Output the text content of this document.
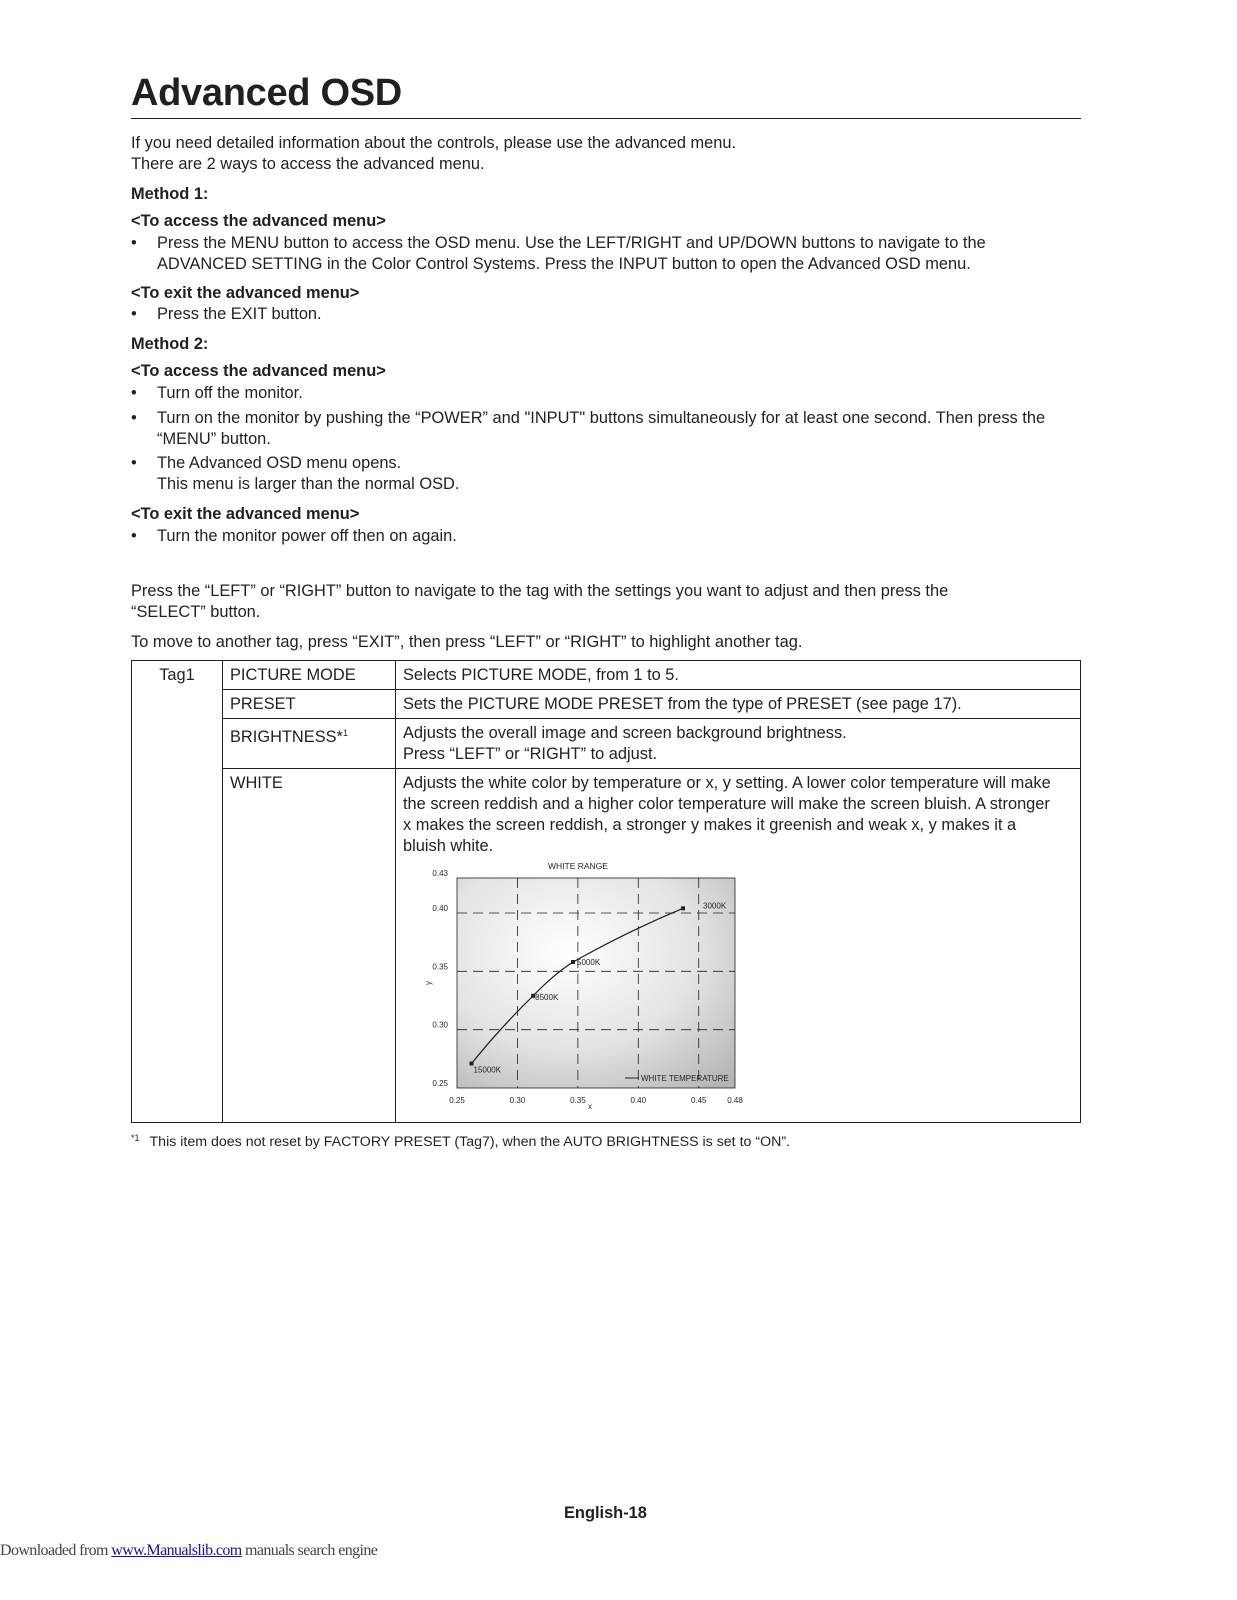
Advanced OSD
If you need detailed information about the controls, please use the advanced menu.
There are 2 ways to access the advanced menu.
Method 1:
<To access the advanced menu>
• Press the MENU button to access the OSD menu. Use the LEFT/RIGHT and UP/DOWN buttons to navigate to the
ADVANCED SETTING in the Color Control Systems. Press the INPUT button to open the Advanced OSD menu.
<To exit the advanced menu>
• Press the EXIT button.
Method 2:
<To access the advanced menu>
• Turn off the monitor.
• Turn on the monitor by pushing the “POWER” and "INPUT" buttons simultaneously for at least one second. Then press the
“MENU” button.
• The Advanced OSD menu opens.
This menu is larger than the normal OSD.
<To exit the advanced menu>
• Turn the monitor power off then on again.
Press the “LEFT” or “RIGHT” button to navigate to the tag with the settings you want to adjust and then press the
“SELECT” button.
To move to another tag, press “EXIT”, then press “LEFT” or “RIGHT” to highlight another tag.
Tag1	PICTURE MODE	Selects PICTURE MODE, from 1 to 5.

	PRESET	Sets the PICTURE MODE PRESET from the type of PRESET (see page 17).

	BRIGHTNESS*$^1$	Adjusts the overall image and screen background brightness.
Press “LEFT” or “RIGHT” to adjust.

	WHITE	Adjusts the white color by temperature or x, y setting. A lower color temperature will make
the screen reddish and a higher color temperature will make the screen bluish. A stronger
x makes the screen reddish, a stronger y makes it greenish and weak x, y makes it a
bluish white.
WHITE RANGE
0.25	0.30	0.35	0.40	0.45	0.48
0.25
0.30
0.35
0.40
0.43
15000K
8500K
5000K
3000K
x
y
WHITE TEMPERATURE
$^{*1}$ This item does not reset by FACTORY PRESET (Tag7), when the AUTO BRIGHTNESS is set to “ON”.
English-18
Downloaded from www.Manualslib.com manuals search engine
